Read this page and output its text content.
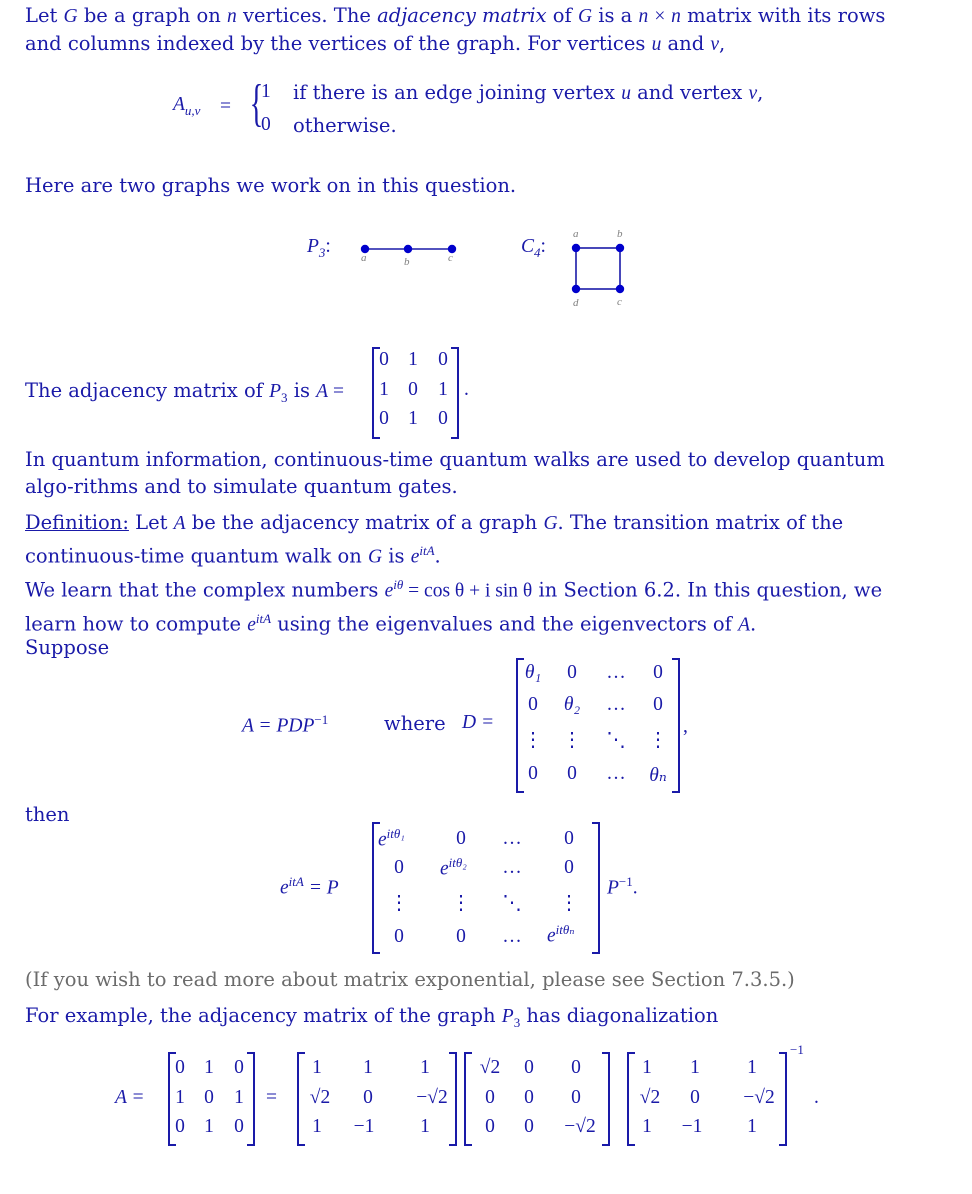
Let G be a graph on n vertices. The adjacency matrix of G is a n × n matrix with its rows
and columns indexed by the vertices of the graph. For vertices u and v,
$A_{u,v}$ = {
1 if there is an edge joining vertex u and vertex v,
0 otherwise.
Here are two graphs we work on in this question.
$P_3$:
a	b	c
$C_4$:
a	b
d	c
The adjacency matrix of $P_3$ is A =
0 1	0
1 0	1
0 1	0
.
In quantum information, continuous-time quantum walks are used to develop quantum algo-rithms and to simulate quantum gates.
Definition: Let A be the adjacency matrix of a graph G. The transition matrix of the continuous-time quantum walk on G is $e^{itA}$.
We learn that the complex numbers $e^{i\theta} = \cos \theta + i$ sin θ in Section 6.2. In this question, we learn how to compute $e^{itA}$ using the eigenvalues and the eigenvectors of A.
Suppose
$A = PDP^{-1}$	where D =
θ₁	0	…	0
0	θ₂	…	0
⋮ ⋮ ⋱ ⋮
0	0	…	θₙ
,
then
$e^{itA} = P$
$e^{it\theta_1}$	0	…	0
0	$e^{it\theta_2}$ …	0
⋮ ⋮ ⋱ ⋮
0	0	… $e^{it\theta_n}$
$P^{-1}$.
(If you wish to read more about matrix exponential, please see Section 7.3.5.)
For example, the adjacency matrix of the graph $P_3$ has diagonalization
A =
0 1	0
1 0	1
0 1	0
=
1	1	1
√2	0	−√2
1	−1	1
√2	0	0
0	0	0
0	0	−√2
1	1	1
√2	0	−√2
1	−1	1
−1
.
